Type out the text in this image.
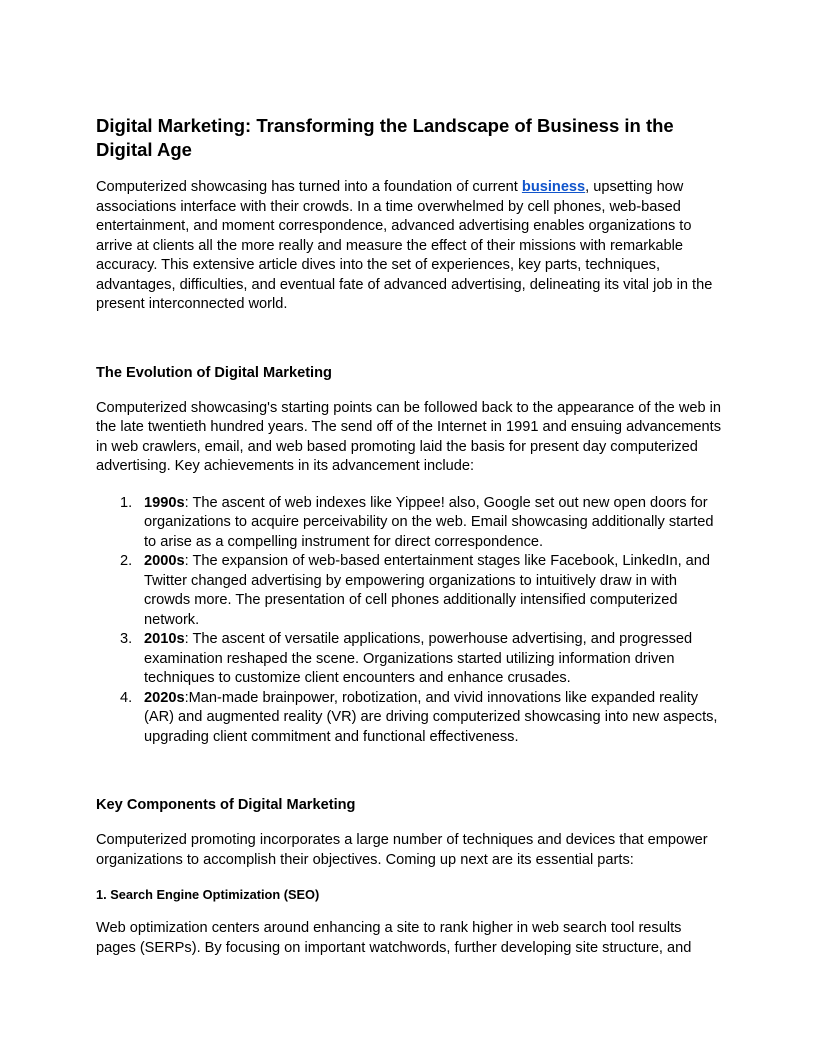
Digital Marketing: Transforming the Landscape of Business in the Digital Age

Computerized showcasing has turned into a foundation of current business, upsetting how associations interface with their crowds. In a time overwhelmed by cell phones, web-based entertainment, and moment correspondence, advanced advertising enables organizations to arrive at clients all the more really and measure the effect of their missions with remarkable accuracy. This extensive article dives into the set of experiences, key parts, techniques, advantages, difficulties, and eventual fate of advanced advertising, delineating its vital job in the present interconnected world.

The Evolution of Digital Marketing

Computerized showcasing's starting points can be followed back to the appearance of the web in the late twentieth hundred years. The send off of the Internet in 1991 and ensuing advancements in web crawlers, email, and web based promoting laid the basis for present day computerized advertising. Key achievements in its advancement include:

1. 1990s: The ascent of web indexes like Yippee! also, Google set out new open doors for organizations to acquire perceivability on the web. Email showcasing additionally started to arise as a compelling instrument for direct correspondence.
2. 2000s: The expansion of web-based entertainment stages like Facebook, LinkedIn, and Twitter changed advertising by empowering organizations to intuitively draw in with crowds more. The presentation of cell phones additionally intensified computerized network.
3. 2010s: The ascent of versatile applications, powerhouse advertising, and progressed examination reshaped the scene. Organizations started utilizing information driven techniques to customize client encounters and enhance crusades.
4. 2020s:Man-made brainpower, robotization, and vivid innovations like expanded reality (AR) and augmented reality (VR) are driving computerized showcasing into new aspects, upgrading client commitment and functional effectiveness.
Key Components of Digital Marketing

Computerized promoting incorporates a large number of techniques and devices that empower organizations to accomplish their objectives. Coming up next are its essential parts:

1. Search Engine Optimization (SEO)

Web optimization centers around enhancing a site to rank higher in web search tool results pages (SERPs). By focusing on important watchwords, further developing site structure, and
